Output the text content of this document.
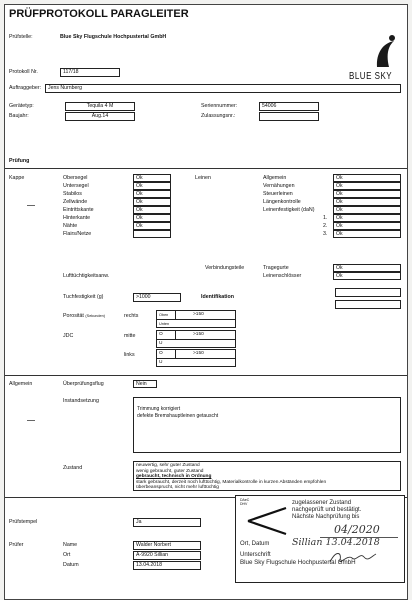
PRÜFPROTOKOLL PARAGLEITER
Prüfstelle:	Blue Sky Flugschule Hochpustertal GmbH
BLUE SKY
Protokoll Nr.	117/18
Auftraggeber:	Jens Nurnberg
Gerätetyp:	Tequila 4 M
Baujahr:	Aug.14
Seriennummer:	54006
Zulassungsnr.:
Prüfung
Kappe	Obersegel	Ok
Untersegel	Ok
Stabilos	Ok
Zellwände	Ok
Eintrittskante	Ok
Hinterkante	Ok
Nähte	Ok
Flairs/Netze
Leinen	Allgemein	Ok
Vernähungen	Ok
Steuerleinen	Ok
Längenkontrolle	Ok
Leinenfestigkeit (daN)	Ok
1.	Ok
2.	Ok
3.	Ok
Verbindungsteile	Tragegurte	Ok
Leinenschlösser	Ok
Lufttüchtigkeitsanw.
Tuchfestigkeit (g)	>1000	Identifikation
Porosität (Sekunden)
JDC
rechts	Oben	>150
Unten
mitte	O	>150
U
links	O	>150
U
Allgemein	Überprüfungsflug	Nein
Instandsetzung
Trimmung korrigiert
defekte Bremshauptleinen getauscht
Zustand	neuwertig, sehr guter Zustand
wenig gebraucht, guter Zustand
gebraucht, technisch in Ordnung
stark gebraucht, derzeit noch lufttüchtig, Materialkontrolle in kurzen Abständen empfohlen
überbeansprucht, nicht mehr lufttüchtig
Prüfstempel	Ja
DAeC DHV	zugelassener Zustand
nachgeprüft und bestätigt.
Nächste Nachprüfung bis
04/2020
Ort, Datum Sillian 13.04.2018
Unterschrift
Blue Sky Flugschule Hochpustertal GmbH
Prüfer	Name	Walder Norbert
Ort	A-9920 Sillian
Datum	13.04.2018
